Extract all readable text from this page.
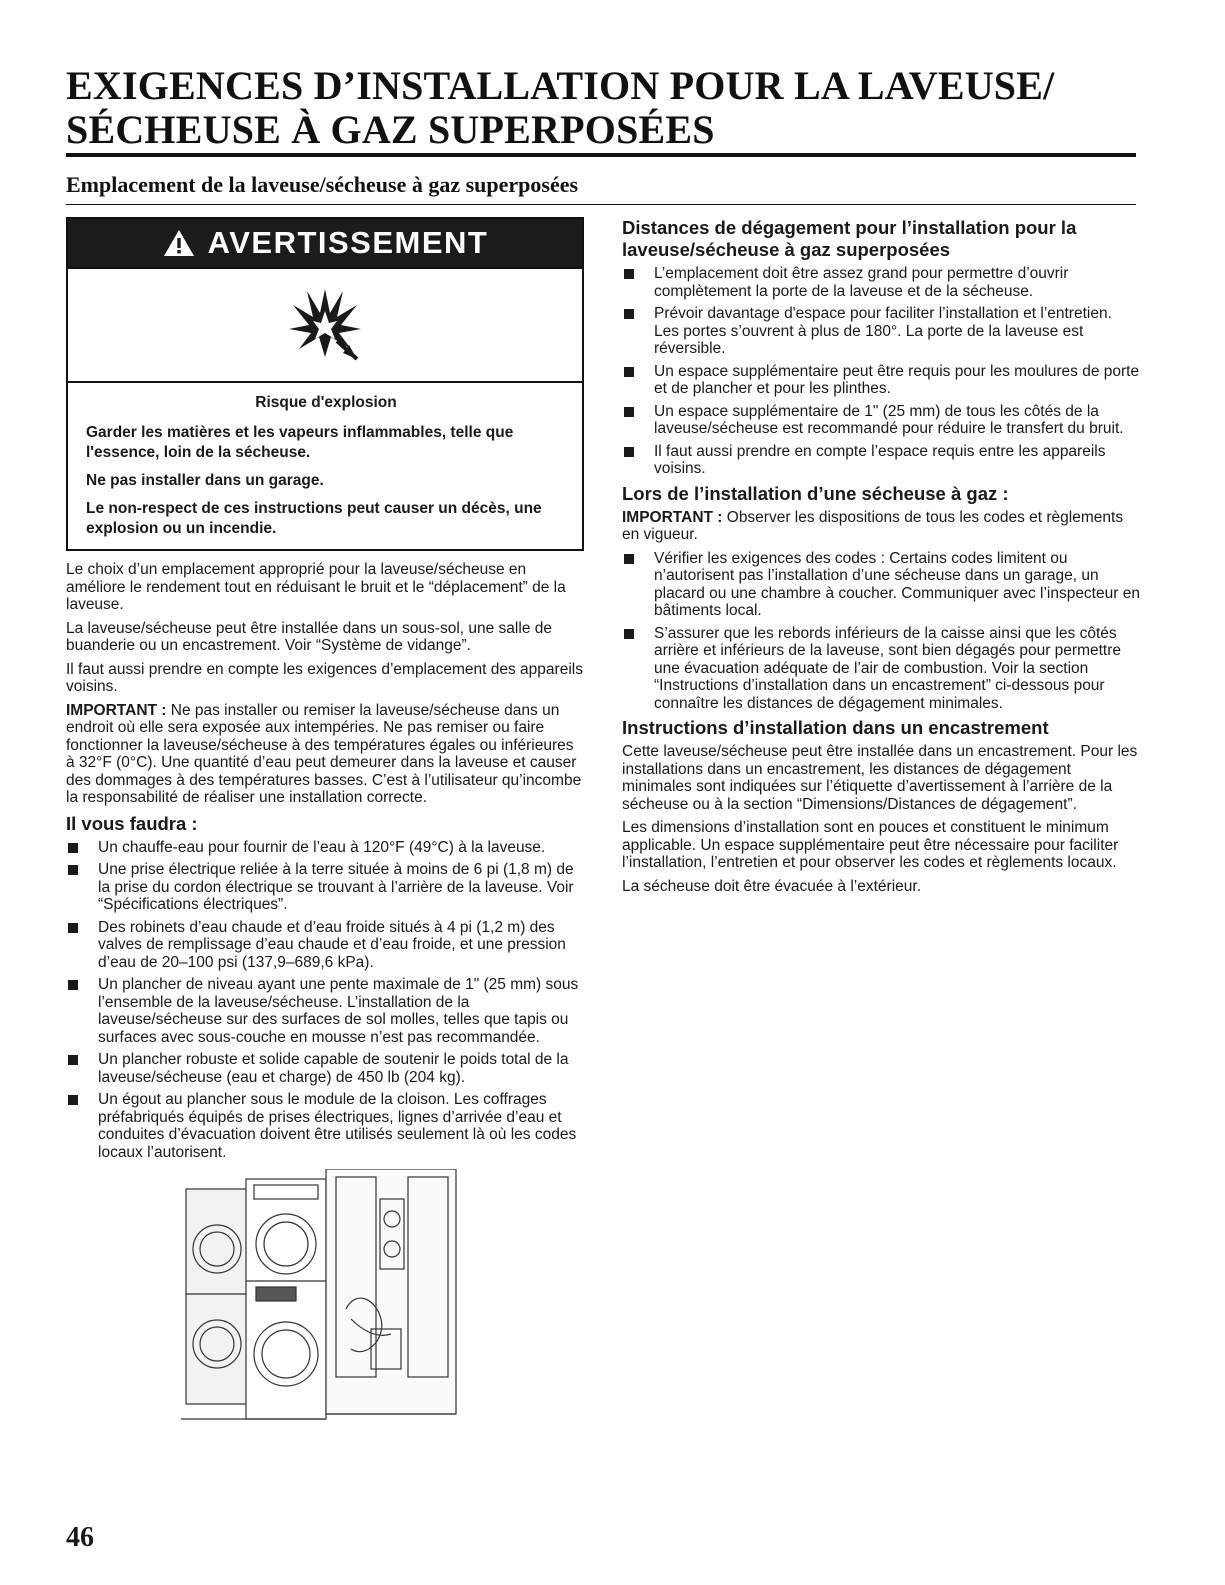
EXIGENCES D’INSTALLATION POUR LA LAVEUSE/ SÉCHEUSE À GAZ SUPERPOSÉES
Emplacement de la laveuse/sécheuse à gaz superposées
AVERTISSEMENT

Risque d'explosion

Garder les matières et les vapeurs inflammables, telle que l'essence, loin de la sécheuse.

Ne pas installer dans un garage.

Le non-respect de ces instructions peut causer un décès, une explosion ou un incendie.

Le choix d’un emplacement approprié pour la laveuse/sécheuse en améliore le rendement tout en réduisant le bruit et le “déplacement” de la laveuse.

La laveuse/sécheuse peut être installée dans un sous-sol, une salle de buanderie ou un encastrement. Voir “Système de vidange”.

Il faut aussi prendre en compte les exigences d’emplacement des appareils voisins.

IMPORTANT : Ne pas installer ou remiser la laveuse/sécheuse dans un endroit où elle sera exposée aux intempéries. Ne pas remiser ou faire fonctionner la laveuse/sécheuse à des températures égales ou inférieures à 32°F (0°C). Une quantité d’eau peut demeurer dans la laveuse et causer des dommages à des températures basses. C’est à l’utilisateur qu’incombe la responsabilité de réaliser une installation correcte.

Il vous faudra :
Un chauffe-eau pour fournir de l’eau à 120°F (49°C) à la laveuse.
Une prise électrique reliée à la terre située à moins de 6 pi (1,8 m) de la prise du cordon électrique se trouvant à l’arrière de la laveuse. Voir “Spécifications électriques”.
Des robinets d’eau chaude et d’eau froide situés à 4 pi (1,2 m) des valves de remplissage d’eau chaude et d’eau froide, et une pression d’eau de 20–100 psi (137,9–689,6 kPa).
Un plancher de niveau ayant une pente maximale de 1" (25 mm) sous l’ensemble de la laveuse/sécheuse. L’installation de la laveuse/sécheuse sur des surfaces de sol molles, telles que tapis ou surfaces avec sous-couche en mousse n’est pas recommandée.
Un plancher robuste et solide capable de soutenir le poids total de la laveuse/sécheuse (eau et charge) de 450 lb (204 kg).
Un égout au plancher sous le module de la cloison. Les coffrages préfabriqués équipés de prises électriques, lignes d’arrivée d’eau et conduites d’évacuation doivent être utilisés seulement là où les codes locaux l’autorisent.
Distances de dégagement pour l’installation pour la laveuse/sécheuse à gaz superposées
L’emplacement doit être assez grand pour permettre d’ouvrir complètement la porte de la laveuse et de la sécheuse.
Prévoir davantage d'espace pour faciliter l’installation et l’entretien. Les portes s’ouvrent à plus de 180°. La porte de la laveuse est réversible.
Un espace supplémentaire peut être requis pour les moulures de porte et de plancher et pour les plinthes.
Un espace supplémentaire de 1" (25 mm) de tous les côtés de la laveuse/sécheuse est recommandé pour réduire le transfert du bruit.
Il faut aussi prendre en compte l’espace requis entre les appareils voisins.
Lors de l’installation d’une sécheuse à gaz :

IMPORTANT : Observer les dispositions de tous les codes et règlements en vigueur.

Vérifier les exigences des codes : Certains codes limitent ou n’autorisent pas l’installation d’une sécheuse dans un garage, un placard ou une chambre à coucher. Communiquer avec l’inspecteur en bâtiments local.
S’assurer que les rebords inférieurs de la caisse ainsi que les côtés arrière et inférieurs de la laveuse, sont bien dégagés pour permettre une évacuation adéquate de l’air de combustion. Voir la section “Instructions d’installation dans un encastrement” ci-dessous pour connaître les distances de dégagement minimales.
Instructions d’installation dans un encastrement

Cette laveuse/sécheuse peut être installée dans un encastrement. Pour les installations dans un encastrement, les distances de dégagement minimales sont indiquées sur l’étiquette d’avertissement à l’arrière de la sécheuse ou à la section “Dimensions/Distances de dégagement”.

Les dimensions d’installation sont en pouces et constituent le minimum applicable. Un espace supplémentaire peut être nécessaire pour faciliter l’installation, l’entretien et pour observer les codes et règlements locaux.

La sécheuse doit être évacuée à l’extérieur.

46
